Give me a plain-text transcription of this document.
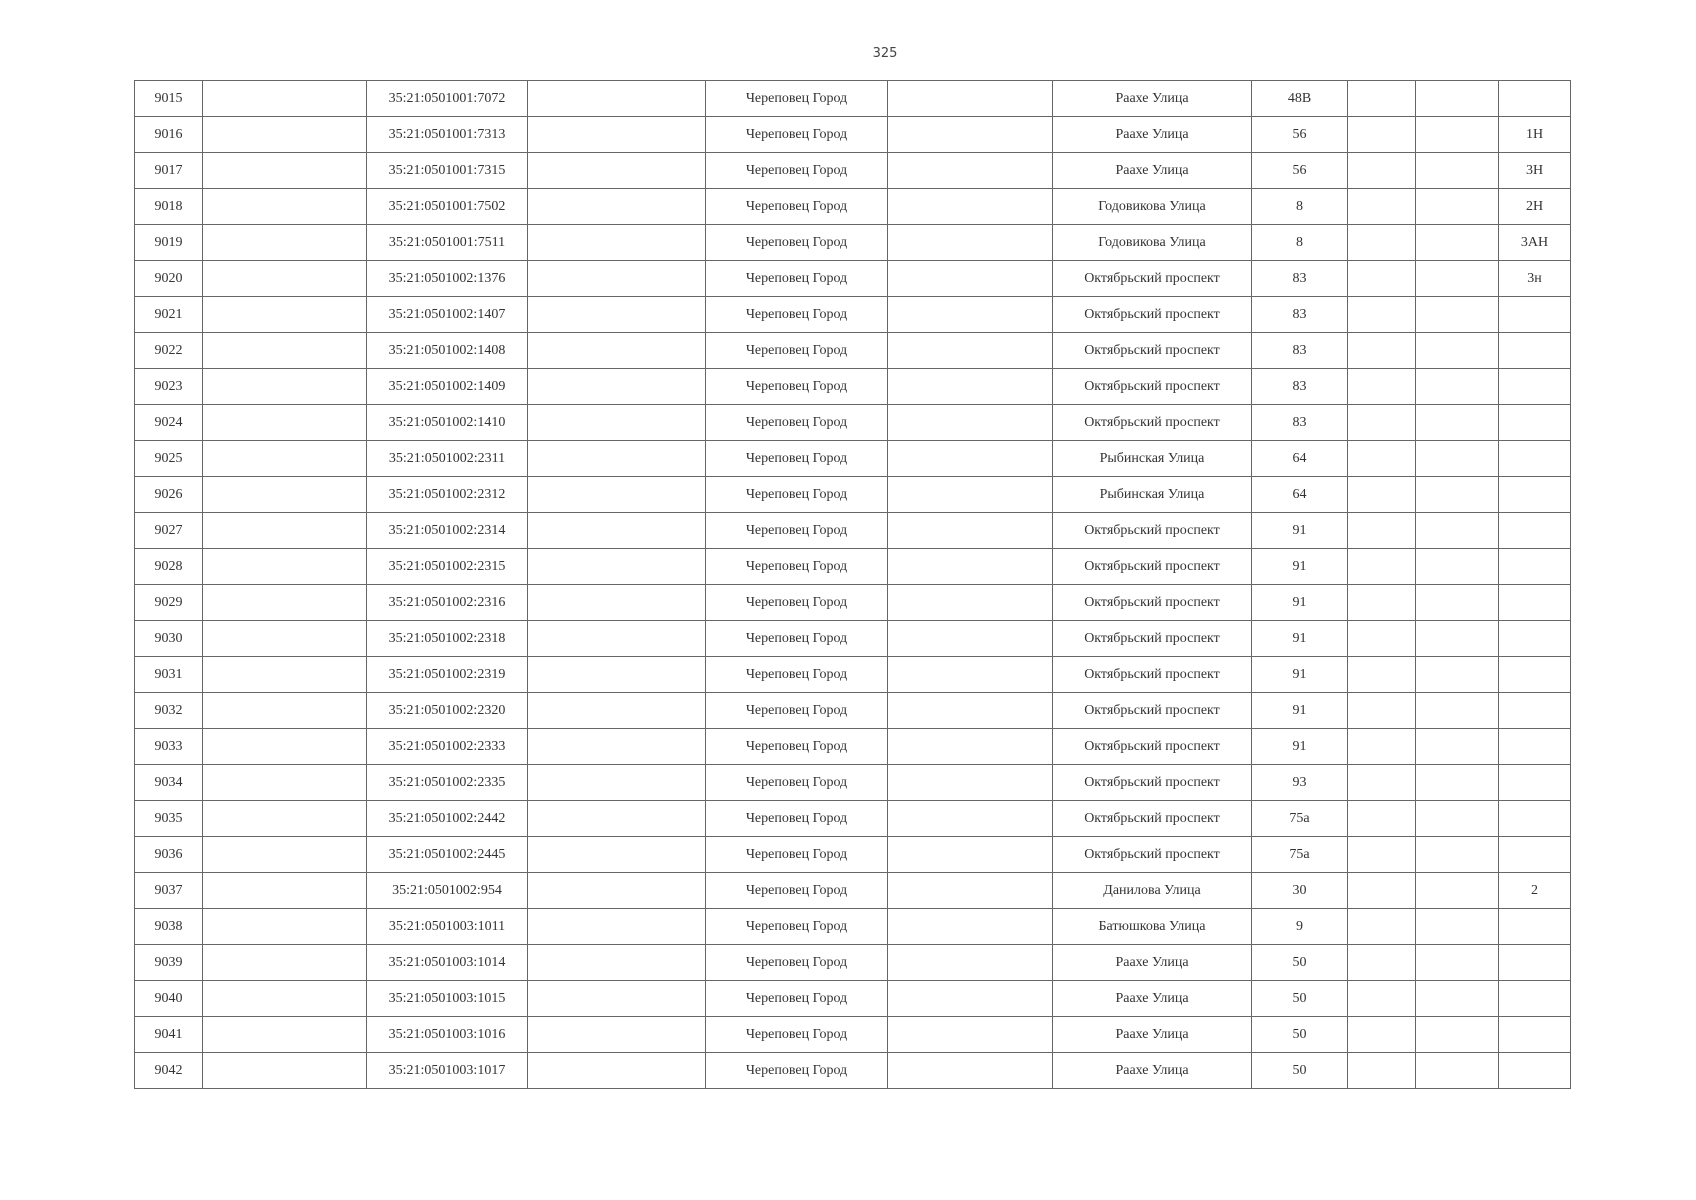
325
9015		35:21:0501001:7072		Череповец Город		Раахе Улица	48В			
9016		35:21:0501001:7313		Череповец Город		Раахе Улица	56			1Н
9017		35:21:0501001:7315		Череповец Город		Раахе Улица	56			3Н
9018		35:21:0501001:7502		Череповец Город		Годовикова Улица	8			2Н
9019		35:21:0501001:7511		Череповец Город		Годовикова Улица	8			3АН
9020		35:21:0501002:1376		Череповец Город		Октябрьский проспект	83			3н
9021		35:21:0501002:1407		Череповец Город		Октябрьский проспект	83			
9022		35:21:0501002:1408		Череповец Город		Октябрьский проспект	83			
9023		35:21:0501002:1409		Череповец Город		Октябрьский проспект	83			
9024		35:21:0501002:1410		Череповец Город		Октябрьский проспект	83			
9025		35:21:0501002:2311		Череповец Город		Рыбинская Улица	64			
9026		35:21:0501002:2312		Череповец Город		Рыбинская Улица	64			
9027		35:21:0501002:2314		Череповец Город		Октябрьский проспект	91			
9028		35:21:0501002:2315		Череповец Город		Октябрьский проспект	91			
9029		35:21:0501002:2316		Череповец Город		Октябрьский проспект	91			
9030		35:21:0501002:2318		Череповец Город		Октябрьский проспект	91			
9031		35:21:0501002:2319		Череповец Город		Октябрьский проспект	91			
9032		35:21:0501002:2320		Череповец Город		Октябрьский проспект	91			
9033		35:21:0501002:2333		Череповец Город		Октябрьский проспект	91			
9034		35:21:0501002:2335		Череповец Город		Октябрьский проспект	93			
9035		35:21:0501002:2442		Череповец Город		Октябрьский проспект	75а			
9036		35:21:0501002:2445		Череповец Город		Октябрьский проспект	75а			
9037		35:21:0501002:954		Череповец Город		Данилова Улица	30			2
9038		35:21:0501003:1011		Череповец Город		Батюшкова Улица	9			
9039		35:21:0501003:1014		Череповец Город		Раахе Улица	50			
9040		35:21:0501003:1015		Череповец Город		Раахе Улица	50			
9041		35:21:0501003:1016		Череповец Город		Раахе Улица	50			
9042		35:21:0501003:1017		Череповец Город		Раахе Улица	50			
